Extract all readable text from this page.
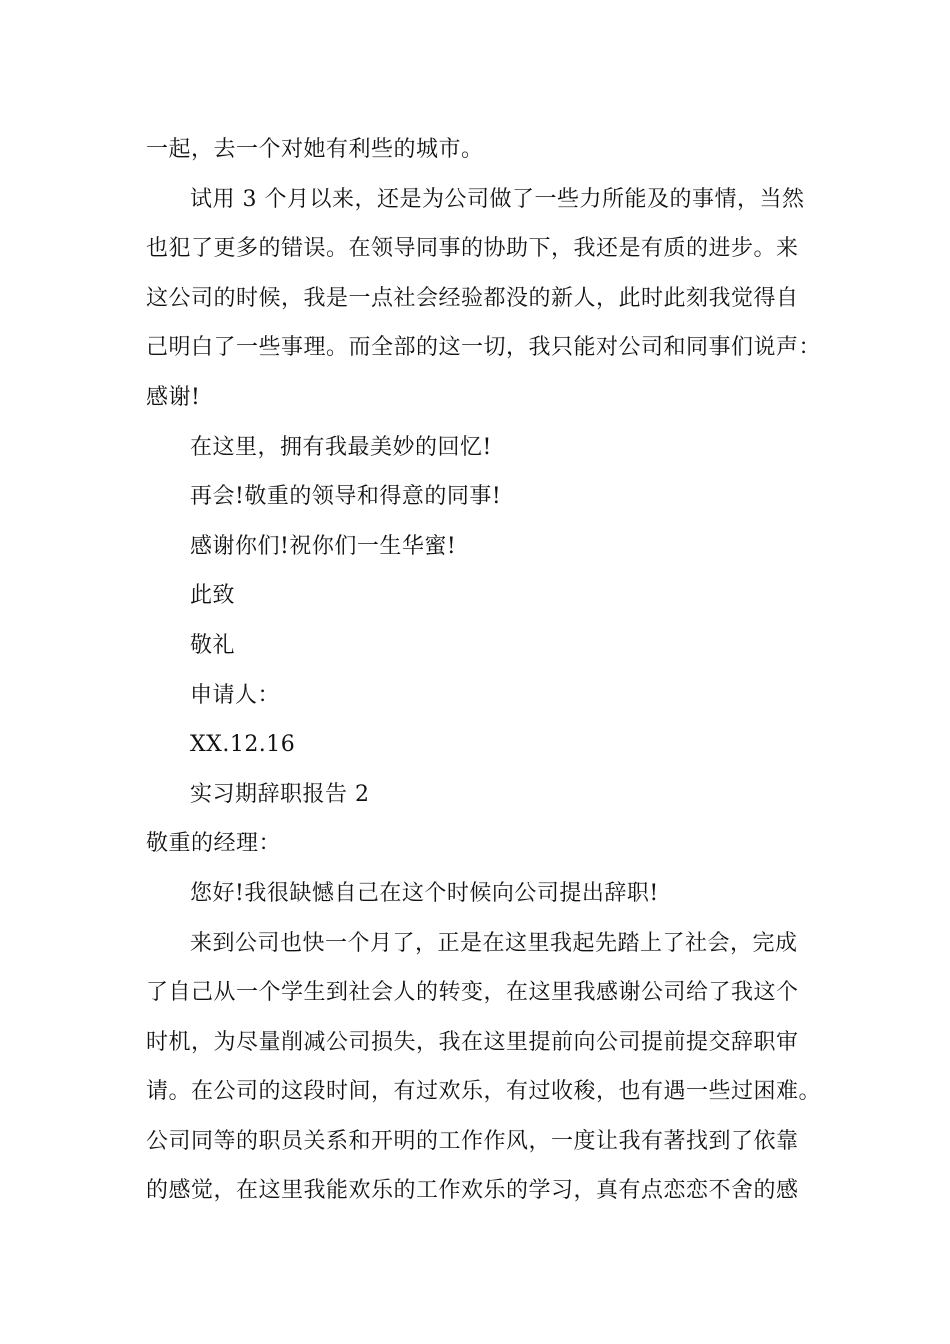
一起，去一个对她有利些的城市。

试用 3 个月以来，还是为公司做了一些力所能及的事情，当然

也犯了更多的错误。在领导同事的协助下，我还是有质的进步。来

这公司的时候，我是一点社会经验都没的新人，此时此刻我觉得自

己明白了一些事理。而全部的这一切，我只能对公司和同事们说声：

感谢!

在这里，拥有我最美妙的回忆!

再会!敬重的领导和得意的同事!

感谢你们!祝你们一生华蜜!

此致

敬礼

申请人：

XX.12.16

实习期辞职报告 2

敬重的经理：

您好!我很缺憾自己在这个时候向公司提出辞职!

来到公司也快一个月了，正是在这里我起先踏上了社会，完成

了自己从一个学生到社会人的转变，在这里我感谢公司给了我这个

时机，为尽量削减公司损失，我在这里提前向公司提前提交辞职审

请。在公司的这段时间，有过欢乐，有过收稄，也有遇一些过困难。

公司同等的职员关系和开明的工作作风，一度让我有著找到了依靠

的感觉，在这里我能欢乐的工作欢乐的学习，真有点恋恋不舍的感
